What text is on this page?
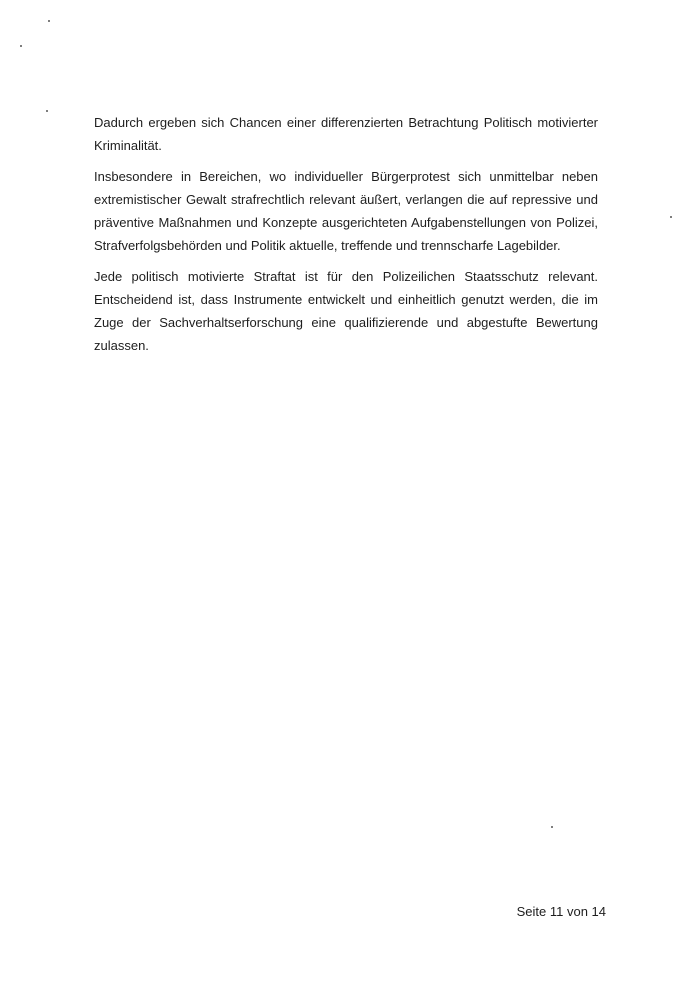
Dadurch ergeben sich Chancen einer differenzierten Betrachtung Politisch motivierter Kriminalität.

Insbesondere in Bereichen, wo individueller Bürgerprotest sich unmittelbar neben extremistischer Gewalt strafrechtlich relevant äußert, verlangen die auf repressive und präventive Maßnahmen und Konzepte ausgerichteten Aufgabenstellungen von Polizei, Strafverfolgsbehörden und Politik aktuelle, treffende und trennscharfe Lagebilder.

Jede politisch motivierte Straftat ist für den Polizeilichen Staatsschutz relevant. Entscheidend ist, dass Instrumente entwickelt und einheitlich genutzt werden, die im Zuge der Sachverhaltserforschung eine qualifizierende und abgestufte Bewertung zulassen.

Seite 11 von 14
